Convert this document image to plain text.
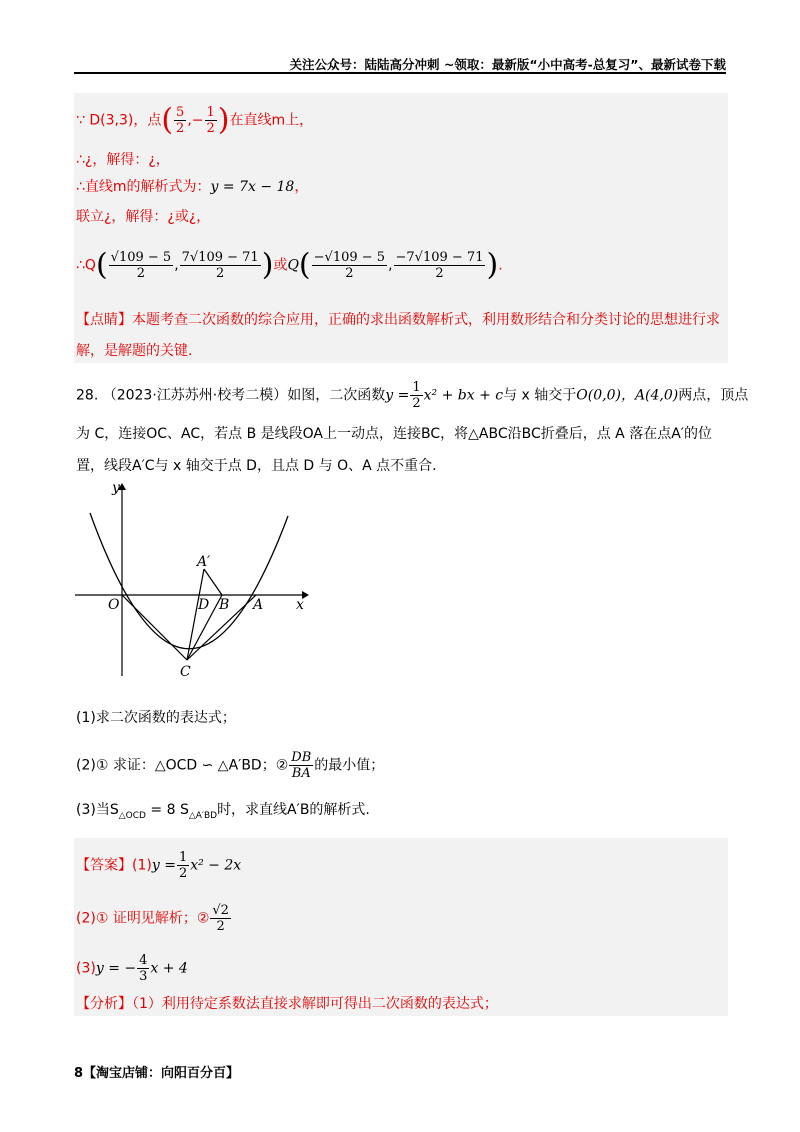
关注公众号：陆陆高分冲刺 ~领取：最新版“小中高考-总复习”、最新试卷下载
∵ D(3,3)，点( $\frac{5}{2}$ ,− $\frac{1}{2}$ )在直线m上，
∴¿，解得：¿，
∴直线m的解析式为：y = 7x − 18，
联立¿，解得：¿或¿，
∴Q( $\frac{√109 - 5}{2}$ , $\frac{7√109 - 71}{2}$ )或$Q( \frac{-√109 - 5}{2}$ , $\frac{-7√109 - 71}{2}$ ).
【点睛】本题考查二次函数的综合应用，正确的求出函数解析式，利用数形结合和分类讨论的思想进行求
解，是解题的关键.
28. （2023·江苏苏州·校考二模）如图，二次函数$y = \frac{1}{2} x^2$ + bx + c与 x 轴交于O(0,0)，A(4,0)两点，顶点
为 C，连接OC、AC，若点 B 是线段OA上一动点，连接BC，将△ABC沿BC折叠后，点 A 落在点A′的位
置，线段A′C与 x 轴交于点 D，且点 D 与 O、A 点不重合.
y
x
O	D B A
C
A′
(1)求二次函数的表达式；
(2)① 求证：△OCD ∽ △A′BD；② $\frac{DB}{BA}$ 的最小值；
(3)当$S_{\triangle OCD} = 8$ $S_{\triangle A'BD}$时，求直线A′B的解析式.
【答案】$(1)y = \frac{1}{2} x^2 - 2x$
(2)① 证明见解析；② $\frac{√2}{2}$
(3)y = − $\frac{4}{3}$ x + 4
【分析】（1）利用待定系数法直接求解即可得出二次函数的表达式；
8【淘宝店铺：向阳百分百】
